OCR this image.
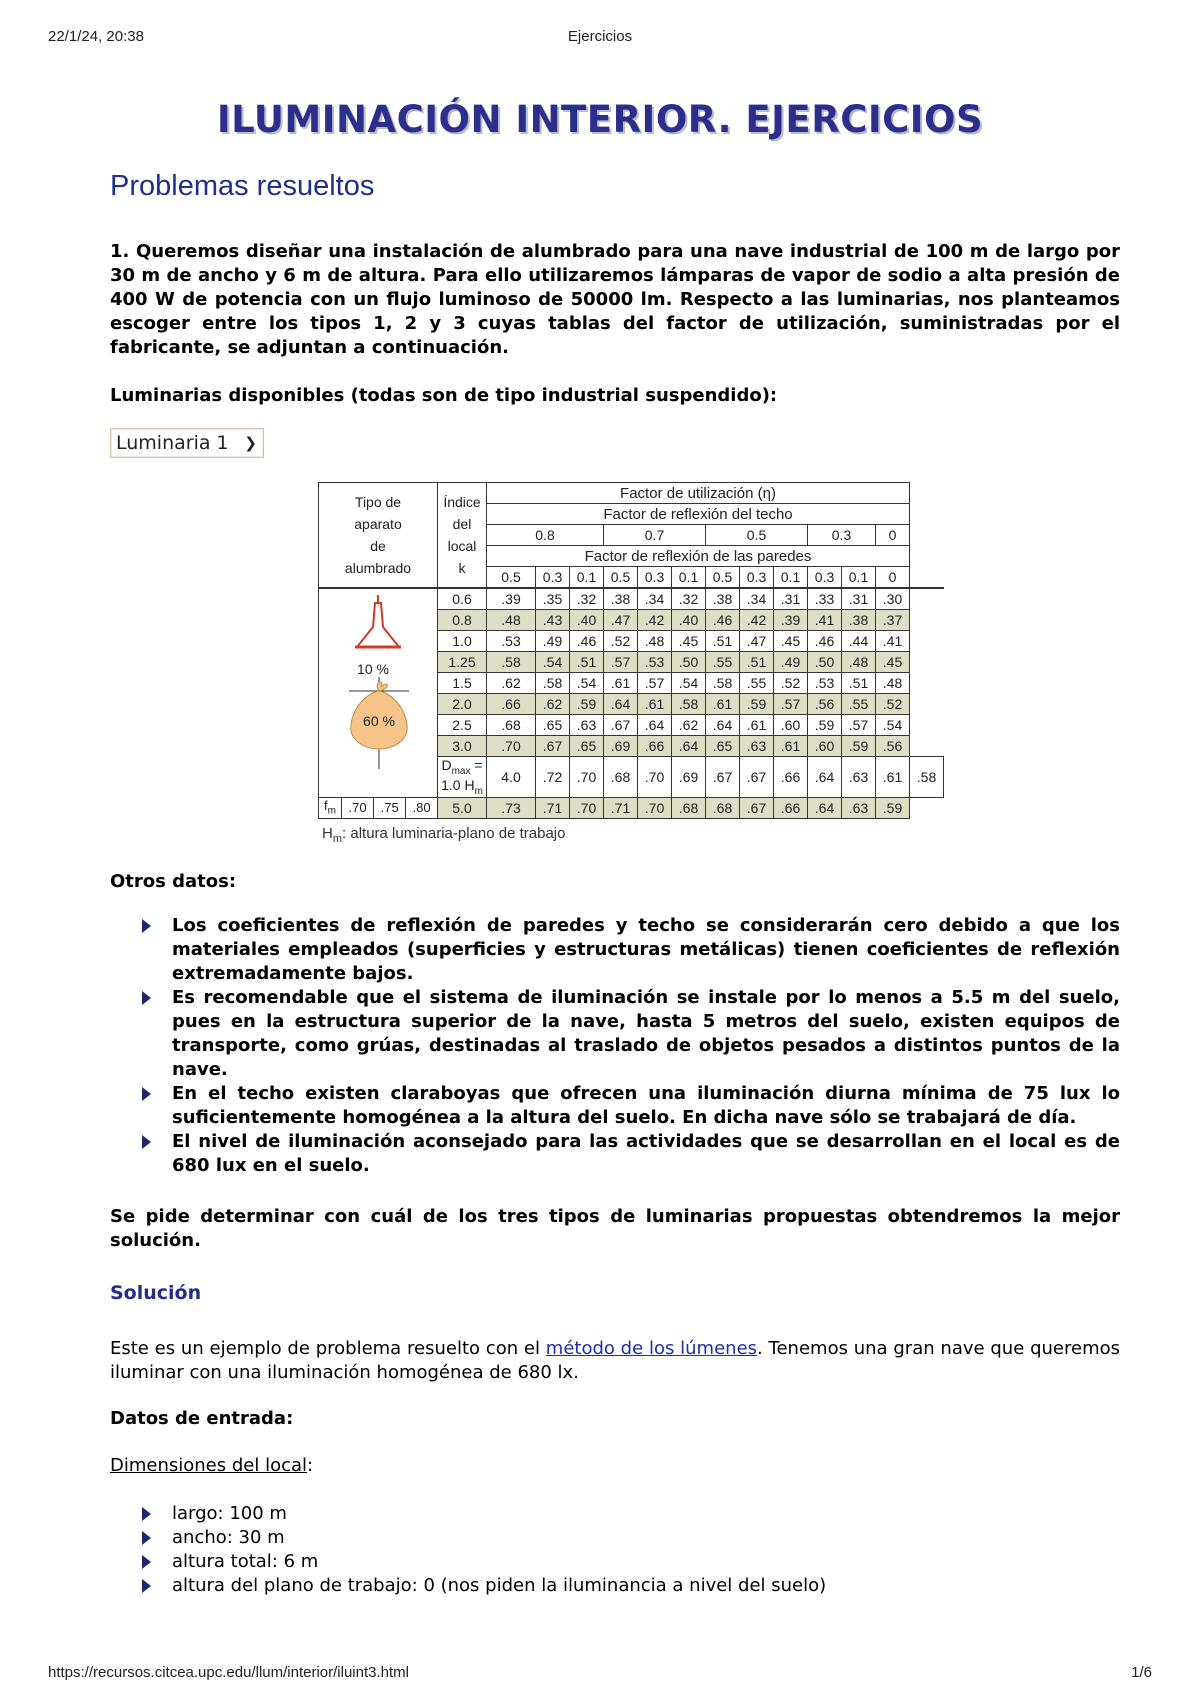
22/1/24, 20:38	Ejercicios
ILUMINACIÓN INTERIOR. EJERCICIOS
Problemas resueltos

1. Queremos diseñar una instalación de alumbrado para una nave industrial de 100 m de largo por 30 m de ancho y 6 m de altura. Para ello utilizaremos lámparas de vapor de sodio a alta presión de 400 W de potencia con un flujo luminoso de 50000 lm. Respecto a las luminarias, nos planteamos escoger entre los tipos 1, 2 y 3 cuyas tablas del factor de utilización, suministradas por el fabricante, se adjuntan a continuación.

Luminarias disponibles (todas son de tipo industrial suspendido):

Luminaria 1 ❯
Tipo de
aparato
de
alumbrado

Índice
del
local
k
	Factor de utilización (η)
Factor de reflexión del techo
0.8	0.7	0.5	0.3	0
Factor de reflexión de las paredes
0.5	0.3	0.1	0.5	0.3	0.1	0.5	0.3	0.1	0.3	0.1	0

10 %
60 %
	0.6	.39	.35	.32	.38	.34	.32	.38	.34	.31	.33	.31	.30
0.8	.48	.43	.40	.47	.42	.40	.46	.42	.39	.41	.38	.37
1.0	.53	.49	.46	.52	.48	.45	.51	.47	.45	.46	.44	.41
1.25	.58	.54	.51	.57	.53	.50	.55	.51	.49	.50	.48	.45
1.5	.62	.58	.54	.61	.57	.54	.58	.55	.52	.53	.51	.48
2.0	.66	.62	.59	.64	.61	.58	.61	.59	.57	.56	.55	.52
2.5	.68	.65	.63	.67	.64	.62	.64	.61	.60	.59	.57	.54
3.0	.70	.67	.65	.69	.66	.64	.65	.63	.61	.60	.59	.56
$D_{max} = 1.0$ $H_m$	4.0	.72	.70	.68	.70	.69	.67	.67	.66	.64	.63	.61	.58

$f_m$	.70	.75	.80
	5.0	.73	.71	.70	.71	.70	.68	.68	.67	.66	.64	.63	.59
$H_m$: altura luminaria-plano de trabajo

Otros datos:

Los coeficientes de reflexión de paredes y techo se considerarán cero debido a que los materiales empleados (superficies y estructuras metálicas) tienen coeficientes de reflexión extremadamente bajos.
Es recomendable que el sistema de iluminación se instale por lo menos a 5.5 m del suelo, pues en la estructura superior de la nave, hasta 5 metros del suelo, existen equipos de transporte, como grúas, destinadas al traslado de objetos pesados a distintos puntos de la nave.
En el techo existen claraboyas que ofrecen una iluminación diurna mínima de 75 lux lo suficientemente homogénea a la altura del suelo. En dicha nave sólo se trabajará de día.
El nivel de iluminación aconsejado para las actividades que se desarrollan en el local es de 680 lux en el suelo.

Se pide determinar con cuál de los tres tipos de luminarias propuestas obtendremos la mejor solución.

Solución

Este es un ejemplo de problema resuelto con el método de los lúmenes. Tenemos una gran nave que queremos iluminar con una iluminación homogénea de 680 lx.

Datos de entrada:

Dimensiones del local:

largo: 100 m
ancho: 30 m
altura total: 6 m
altura del plano de trabajo: 0 (nos piden la iluminancia a nivel del suelo)
https://recursos.citcea.upc.edu/llum/interior/iluint3.html	1/6
